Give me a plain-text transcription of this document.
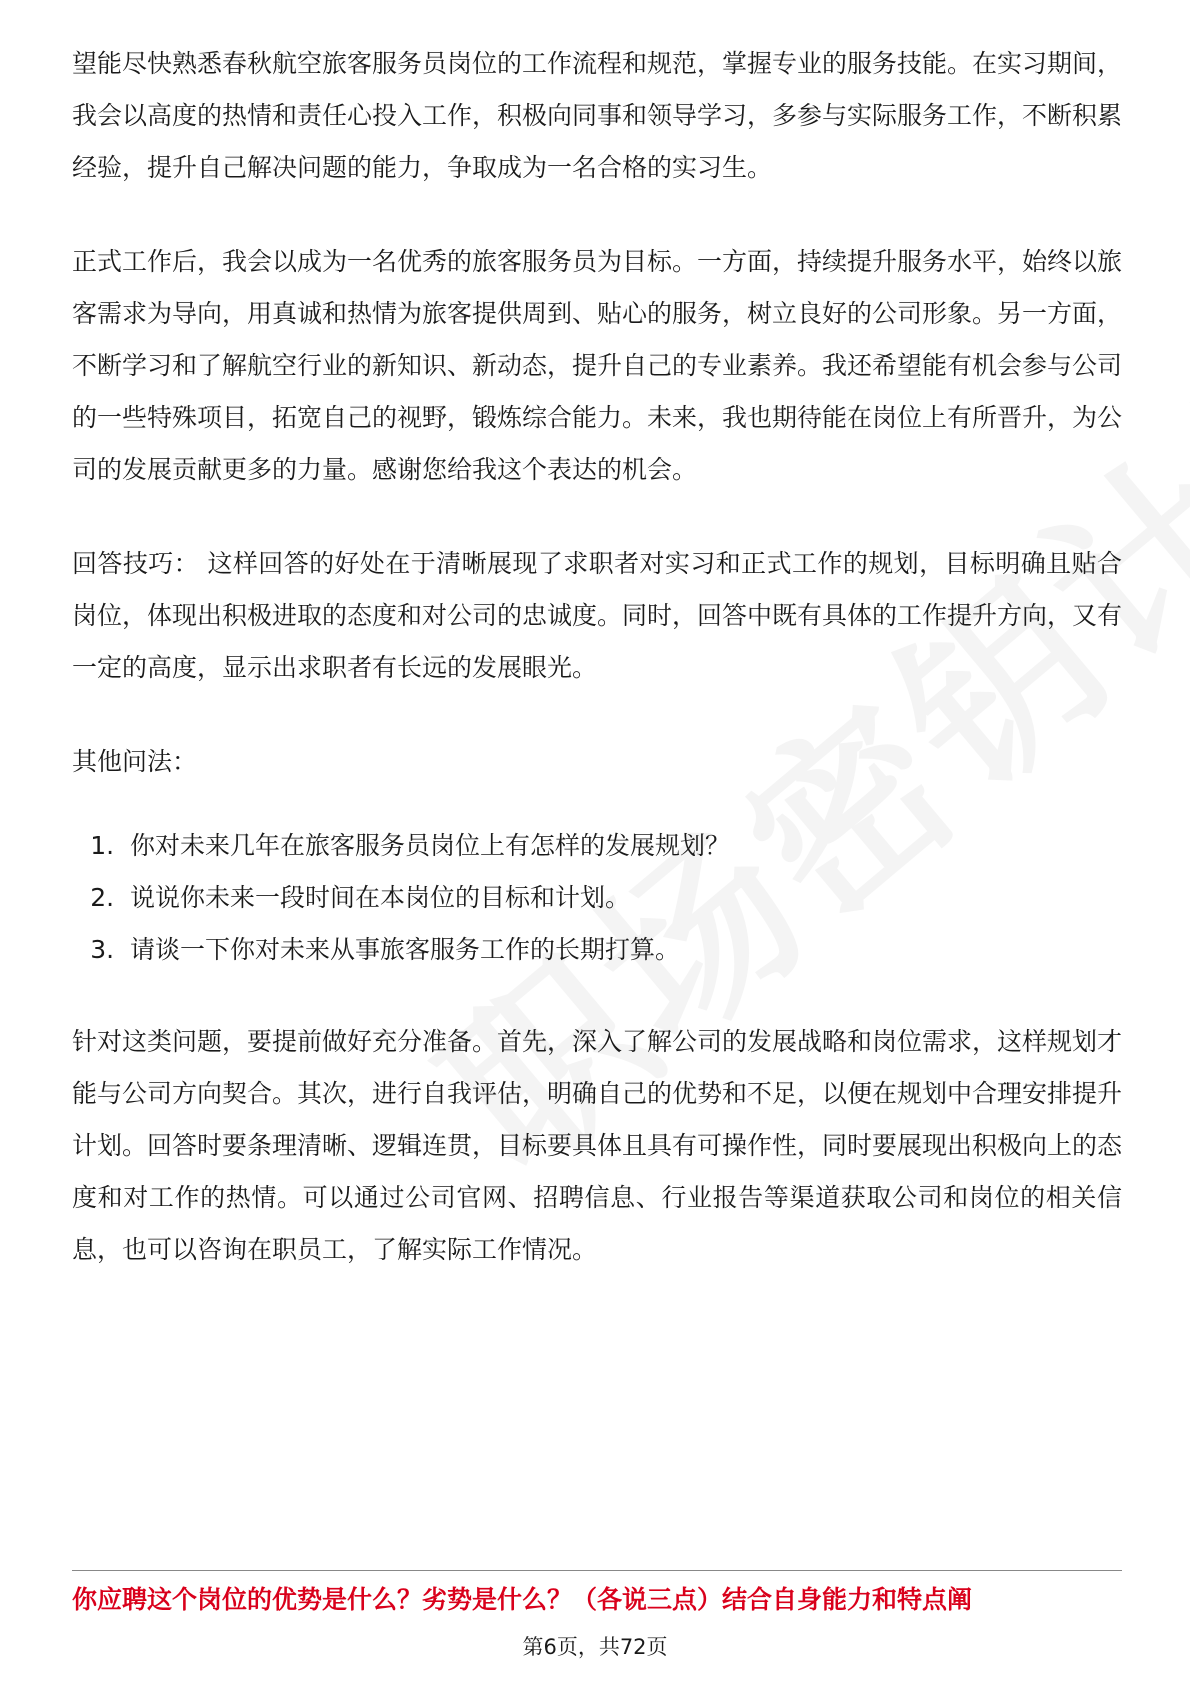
望能尽快熟悉春秋航空旅客服务员岗位的工作流程和规范，掌握专业的服务技能。在实习期间，我会以高度的热情和责任心投入工作，积极向同事和领导学习，多参与实际服务工作，不断积累经验，提升自己解决问题的能力，争取成为一名合格的实习生。

正式工作后，我会以成为一名优秀的旅客服务员为目标。一方面，持续提升服务水平，始终以旅客需求为导向，用真诚和热情为旅客提供周到、贴心的服务，树立良好的公司形象。另一方面，不断学习和了解航空行业的新知识、新动态，提升自己的专业素养。我还希望能有机会参与公司的一些特殊项目，拓宽自己的视野，锻炼综合能力。未来，我也期待能在岗位上有所晋升，为公司的发展贡献更多的力量。感谢您给我这个表达的机会。

回答技巧： 这样回答的好处在于清晰展现了求职者对实习和正式工作的规划，目标明确且贴合岗位，体现出积极进取的态度和对公司的忠诚度。同时，回答中既有具体的工作提升方向，又有一定的高度，显示出求职者有长远的发展眼光。

其他问法：

1. 你对未来几年在旅客服务员岗位上有怎样的发展规划？
2. 说说你未来一段时间在本岗位的目标和计划。
3. 请谈一下你对未来从事旅客服务工作的长期打算。

针对这类问题，要提前做好充分准备。首先，深入了解公司的发展战略和岗位需求，这样规划才能与公司方向契合。其次，进行自我评估，明确自己的优势和不足，以便在规划中合理安排提升计划。回答时要条理清晰、逻辑连贯，目标要具体且具有可操作性，同时要展现出积极向上的态度和对工作的热情。可以通过公司官网、招聘信息、行业报告等渠道获取公司和岗位的相关信息，也可以咨询在职员工，了解实际工作情况。

你应聘这个岗位的优势是什么？劣势是什么？（各说三点）结合自身能力和特点阐
第6页，共72页
